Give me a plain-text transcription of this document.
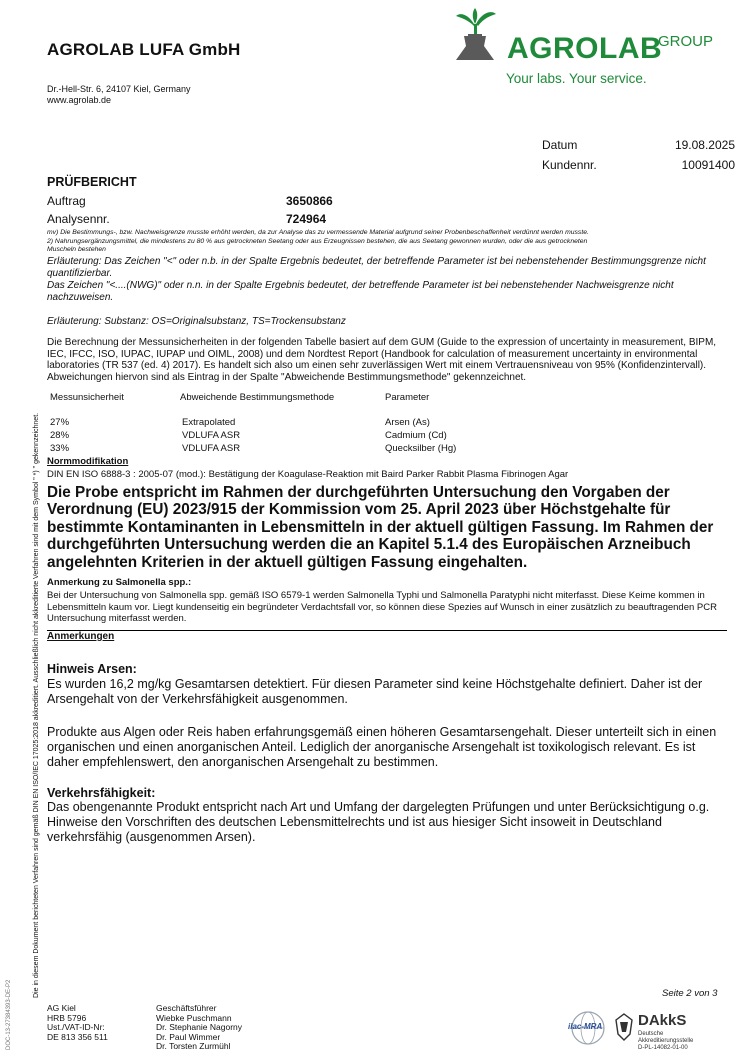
Die in diesem Dokument berichteten Verfahren sind gemäß DIN EN ISO/IEC 17025:2018 akkreditiert. Ausschließlich nicht akkreditierte Verfahren sind mit dem Symbol " *) " gekennzeichnet.
DOC-13-27384393-DE-P2
AGROLAB LUFA GmbH
Dr.-Hell-Str. 6, 24107 Kiel, Germany
www.agrolab.de
AGROLAB
GROUP
Your labs. Your service.
Datum	19.08.2025
Kundennr.	10091400
PRÜFBERICHT
Auftrag	3650866
Analysennr.	724964
mv) Die Bestimmungs-, bzw. Nachweisgrenze musste erhöht werden, da zur Analyse das zu vermessende Material aufgrund seiner Probenbeschaffenheit verdünnt werden musste.
2) Nahrungsergänzungsmittel, die mindestens zu 80 % aus getrockneten Seetang oder aus Erzeugnissen bestehen, die aus Seetang gewonnen wurden, oder die aus getrockneten
Muscheln bestehen
Erläuterung: Das Zeichen "<" oder n.b. in der Spalte Ergebnis bedeutet, der betreffende Parameter ist bei nebenstehender Bestimmungsgrenze nicht quantifizierbar.
Das Zeichen "<....(NWG)" oder n.n. in der Spalte Ergebnis bedeutet, der betreffende Parameter ist bei nebenstehender Nachweisgrenze nicht nachzuweisen.
Erläuterung: Substanz: OS=Originalsubstanz, TS=Trockensubstanz
Die Berechnung der Messunsicherheiten in der folgenden Tabelle basiert auf dem GUM (Guide to the expression of uncertainty in measurement, BIPM, IEC, IFCC, ISO, IUPAC, IUPAP und OIML, 2008) und dem Nordtest Report (Handbook for calculation of measurement uncertainty in environmental laboratories (TR 537 (ed. 4) 2017). Es handelt sich also um einen sehr zuverlässigen Wert mit einem Vertrauensniveau von 95% (Konfidenzintervall). Abweichungen hiervon sind als Eintrag in der Spalte "Abweichende Bestimmungsmethode" gekennzeichnet.
Messunsicherheit	Abweichende Bestimmungsmethode	Parameter
27%	Extrapolated	Arsen (As)
28%	VDLUFA ASR	Cadmium (Cd)
33%	VDLUFA ASR	Quecksilber (Hg)
Normmodifikation
DIN EN ISO 6888-3 : 2005-07 (mod.): Bestätigung der Koagulase-Reaktion mit Baird Parker Rabbit Plasma Fibrinogen Agar
Die Probe entspricht im Rahmen der durchgeführten Untersuchung den Vorgaben der Verordnung (EU) 2023/915 der Kommission vom 25. April 2023 über Höchstgehalte für bestimmte Kontaminanten in Lebensmitteln in der aktuell gültigen Fassung. Im Rahmen der durchgeführten Untersuchung werden die an Kapitel 5.1.4 des Europäischen Arzneibuch angelehnten Kriterien in der aktuell gültigen Fassung eingehalten.
Anmerkung zu Salmonella spp.:
Bei der Untersuchung von Salmonella spp. gemäß ISO 6579-1 werden Salmonella Typhi und Salmonella Paratyphi nicht miterfasst. Diese Keime kommen in Lebensmitteln kaum vor. Liegt kundenseitig ein begründeter Verdachtsfall vor, so können diese Spezies auf Wunsch in einer zusätzlich zu beauftragenden PCR Untersuchung miterfasst werden.
Anmerkungen
Hinweis Arsen:
Es wurden 16,2 mg/kg Gesamtarsen detektiert. Für diesen Parameter sind keine Höchstgehalte definiert. Daher ist der Arsengehalt von der Verkehrsfähigkeit ausgenommen.
Produkte aus Algen oder Reis haben erfahrungsgemäß einen höheren Gesamtarsengehalt. Dieser unterteilt sich in einen organischen und einen anorganischen Anteil. Lediglich der anorganische Arsengehalt ist toxikologisch relevant. Es ist daher empfehlenswert, den anorganischen Arsengehalt zu bestimmen.
Verkehrsfähigkeit:
Das obengenannte Produkt entspricht nach Art und Umfang der dargelegten Prüfungen und unter Berücksichtigung o.g. Hinweise den Vorschriften des deutschen Lebensmittelrechts und ist aus hiesiger Sicht insoweit in Deutschland verkehrsfähig (ausgenommen Arsen).
Seite 2 von 3
AG Kiel
HRB 5796
Ust./VAT-ID-Nr:
DE 813 356 511
Geschäftsführer
Wiebke Puschmann
Dr. Stephanie Nagorny
Dr. Paul Wimmer
Dr. Torsten Zurmühl
ilac-MRA DAkkS
Deutsche
Akkreditierungsstelle
D-PL-14082-01-00
